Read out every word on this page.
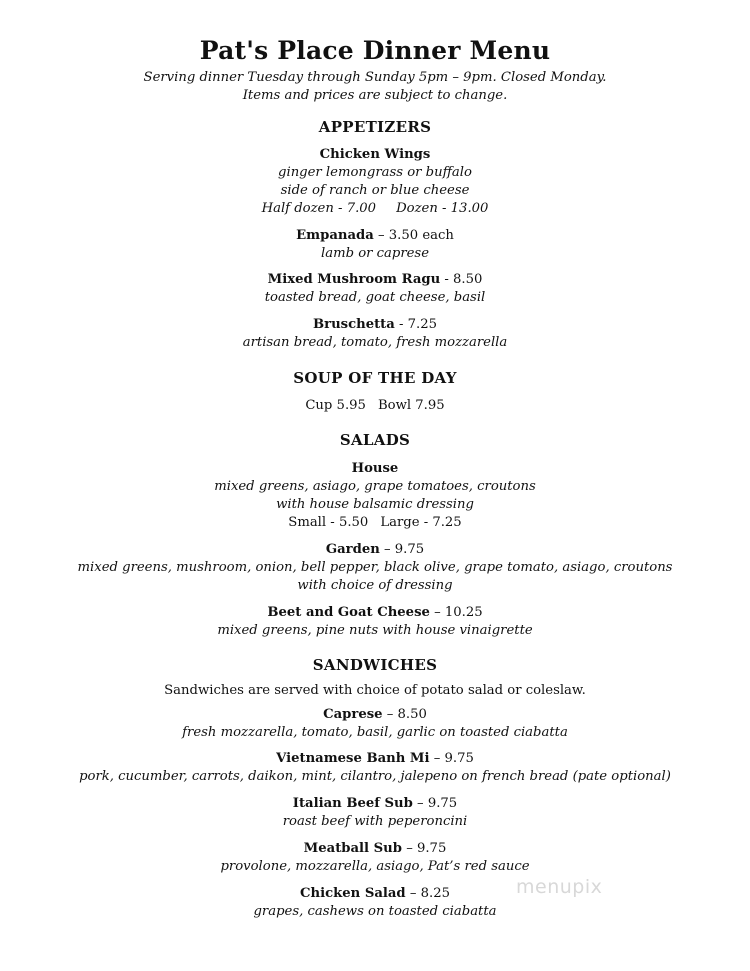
Pat's Place Dinner Menu
Serving dinner Tuesday through Sunday 5pm – 9pm. Closed Monday.
Items and prices are subject to change.
APPETIZERS
Chicken Wings
ginger lemongrass or buffalo
side of ranch or blue cheese
Half dozen - 7.00 Dozen - 13.00
Empanada – 3.50 each
lamb or caprese
Mixed Mushroom Ragu - 8.50
toasted bread, goat cheese, basil
Bruschetta - 7.25
artisan bread, tomato, fresh mozzarella
SOUP OF THE DAY
Cup 5.95 Bowl 7.95
SALADS
House
mixed greens, asiago, grape tomatoes, croutons
with house balsamic dressing
Small - 5.50 Large - 7.25
Garden – 9.75
mixed greens, mushroom, onion, bell pepper, black olive, grape tomato, asiago, croutons
with choice of dressing
Beet and Goat Cheese – 10.25
mixed greens, pine nuts with house vinaigrette
SANDWICHES
Sandwiches are served with choice of potato salad or coleslaw.
Caprese – 8.50
fresh mozzarella, tomato, basil, garlic on toasted ciabatta
Vietnamese Banh Mi – 9.75
pork, cucumber, carrots, daikon, mint, cilantro, jalepeno on french bread (pate optional)
Italian Beef Sub – 9.75
roast beef with peperoncini
Meatball Sub – 9.75
provolone, mozzarella, asiago, Pat’s red sauce
Chicken Salad – 8.25
grapes, cashews on toasted ciabatta
menupix
